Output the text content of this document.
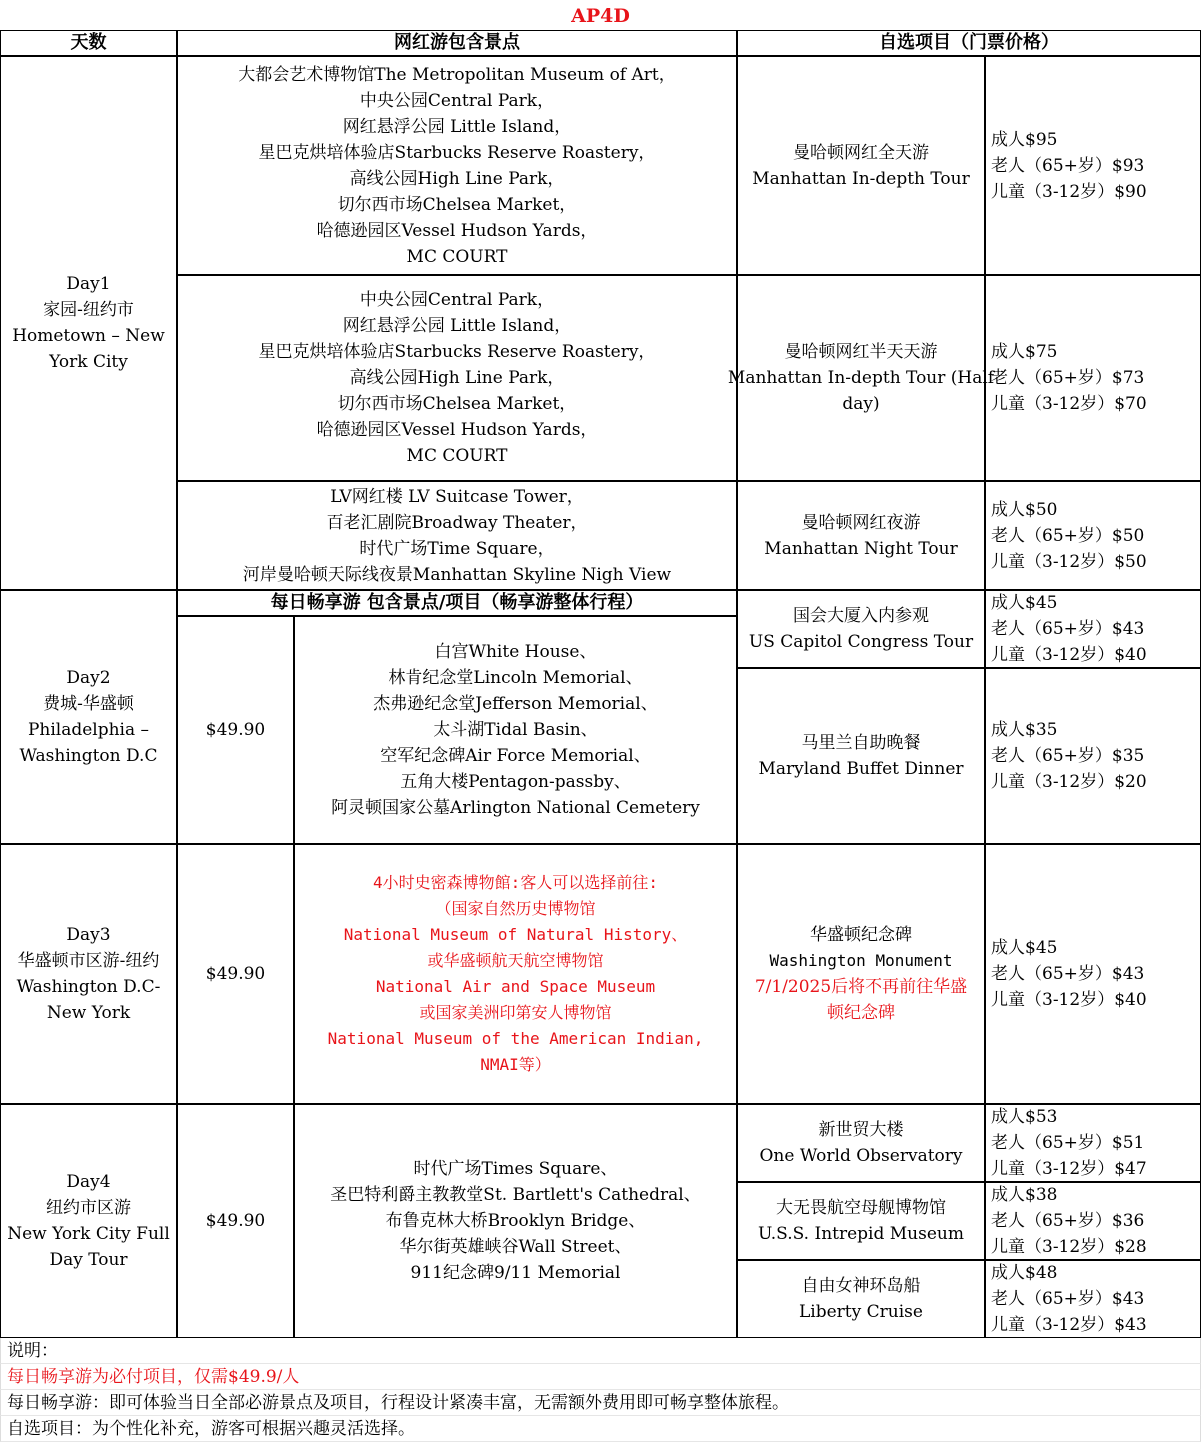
AP4D
天数	网红游包含景点	自选项目（门票价格）
Day1
家园-纽约市
Hometown – New
York City
大都会艺术博物馆The Metropolitan Museum of Art，
中央公园Central Park，
网红悬浮公园 Little Island，
星巴克烘培体验店Starbucks Reserve Roastery，
高线公园High Line Park，
切尔西市场Chelsea Market，
哈德逊园区Vessel Hudson Yards，
MC COURT
曼哈顿网红全天游
Manhattan In-depth Tour
成人$95
老人（65+岁）$93
儿童（3-12岁）$90
中央公园Central Park，
网红悬浮公园 Little Island，
星巴克烘培体验店Starbucks Reserve Roastery，
高线公园High Line Park，
切尔西市场Chelsea Market，
哈德逊园区Vessel Hudson Yards，
MC COURT
曼哈顿网红半天天游
Manhattan In-depth Tour (Half
day)
成人$75
老人（65+岁）$73
儿童（3-12岁）$70
LV网红楼 LV Suitcase Tower，
百老汇剧院Broadway Theater，
时代广场Time Square，
河岸曼哈顿天际线夜景Manhattan Skyline Nigh View
曼哈顿网红夜游
Manhattan Night Tour
成人$50
老人（65+岁）$50
儿童（3-12岁）$50
Day2
费城-华盛顿
Philadelphia –
Washington D.C
每日畅享游 包含景点/项目（畅享游整体行程）
$49.90
白宫White House、
林肯纪念堂Lincoln Memorial、
杰弗逊纪念堂Jefferson Memorial、
太斗湖Tidal Basin、
空军纪念碑Air Force Memorial、
五角大楼Pentagon-passby、
阿灵顿国家公墓Arlington National Cemetery
国会大厦入内参观
US Capitol Congress Tour
成人$45
老人（65+岁）$43
儿童（3-12岁）$40
马里兰自助晚餐
Maryland Buffet Dinner
成人$35
老人（65+岁）$35
儿童（3-12岁）$20
Day3
华盛顿市区游-纽约
Washington D.C-
New York
$49.90
4小时史密森博物館:客人可以选择前往:
（国家自然历史博物馆
National Museum of Natural History、
或华盛顿航天航空博物馆
National Air and Space Museum
或国家美洲印第安人博物馆
National Museum of the American Indian,
NMAI等）
华盛顿纪念碑
Washington Monument
7/1/2025后将不再前往华盛
顿纪念碑
成人$45
老人（65+岁）$43
儿童（3-12岁）$40
Day4
纽约市区游
New York City Full
Day Tour
$49.90
时代广场Times Square、
圣巴特利爵主教教堂St. Bartlett's Cathedral、
布鲁克林大桥Brooklyn Bridge、
华尔街英雄峡谷Wall Street、
911纪念碑9/11 Memorial
新世贸大楼
One World Observatory
成人$53
老人（65+岁）$51
儿童（3-12岁）$47
大无畏航空母舰博物馆
U.S.S. Intrepid Museum
成人$38
老人（65+岁）$36
儿童（3-12岁）$28
自由女神环岛船
Liberty Cruise
成人$48
老人（65+岁）$43
儿童（3-12岁）$43
说明：
每日畅享游为必付项目，仅需$49.9/人
每日畅享游：即可体验当日全部必游景点及项目，行程设计紧凑丰富，无需额外费用即可畅享整体旅程。
自选项目：为个性化补充，游客可根据兴趣灵活选择。
